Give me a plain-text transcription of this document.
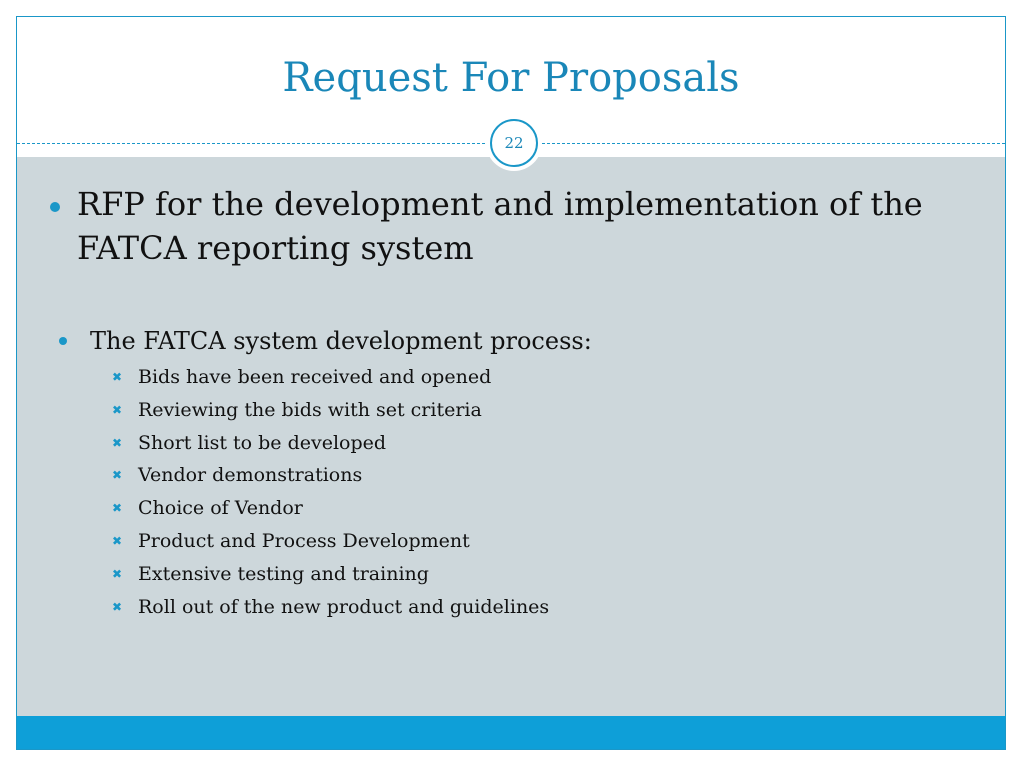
Request For Proposals
RFP for the development and implementation of the FATCA reporting system
The FATCA system development process:
✖ Bids have been received and opened
✖ Reviewing the bids with set criteria
✖ Short list to be developed
✖ Vendor demonstrations
✖ Choice of Vendor
✖ Product and Process Development
✖ Extensive testing and training
✖ Roll out of the new product and guidelines
22
